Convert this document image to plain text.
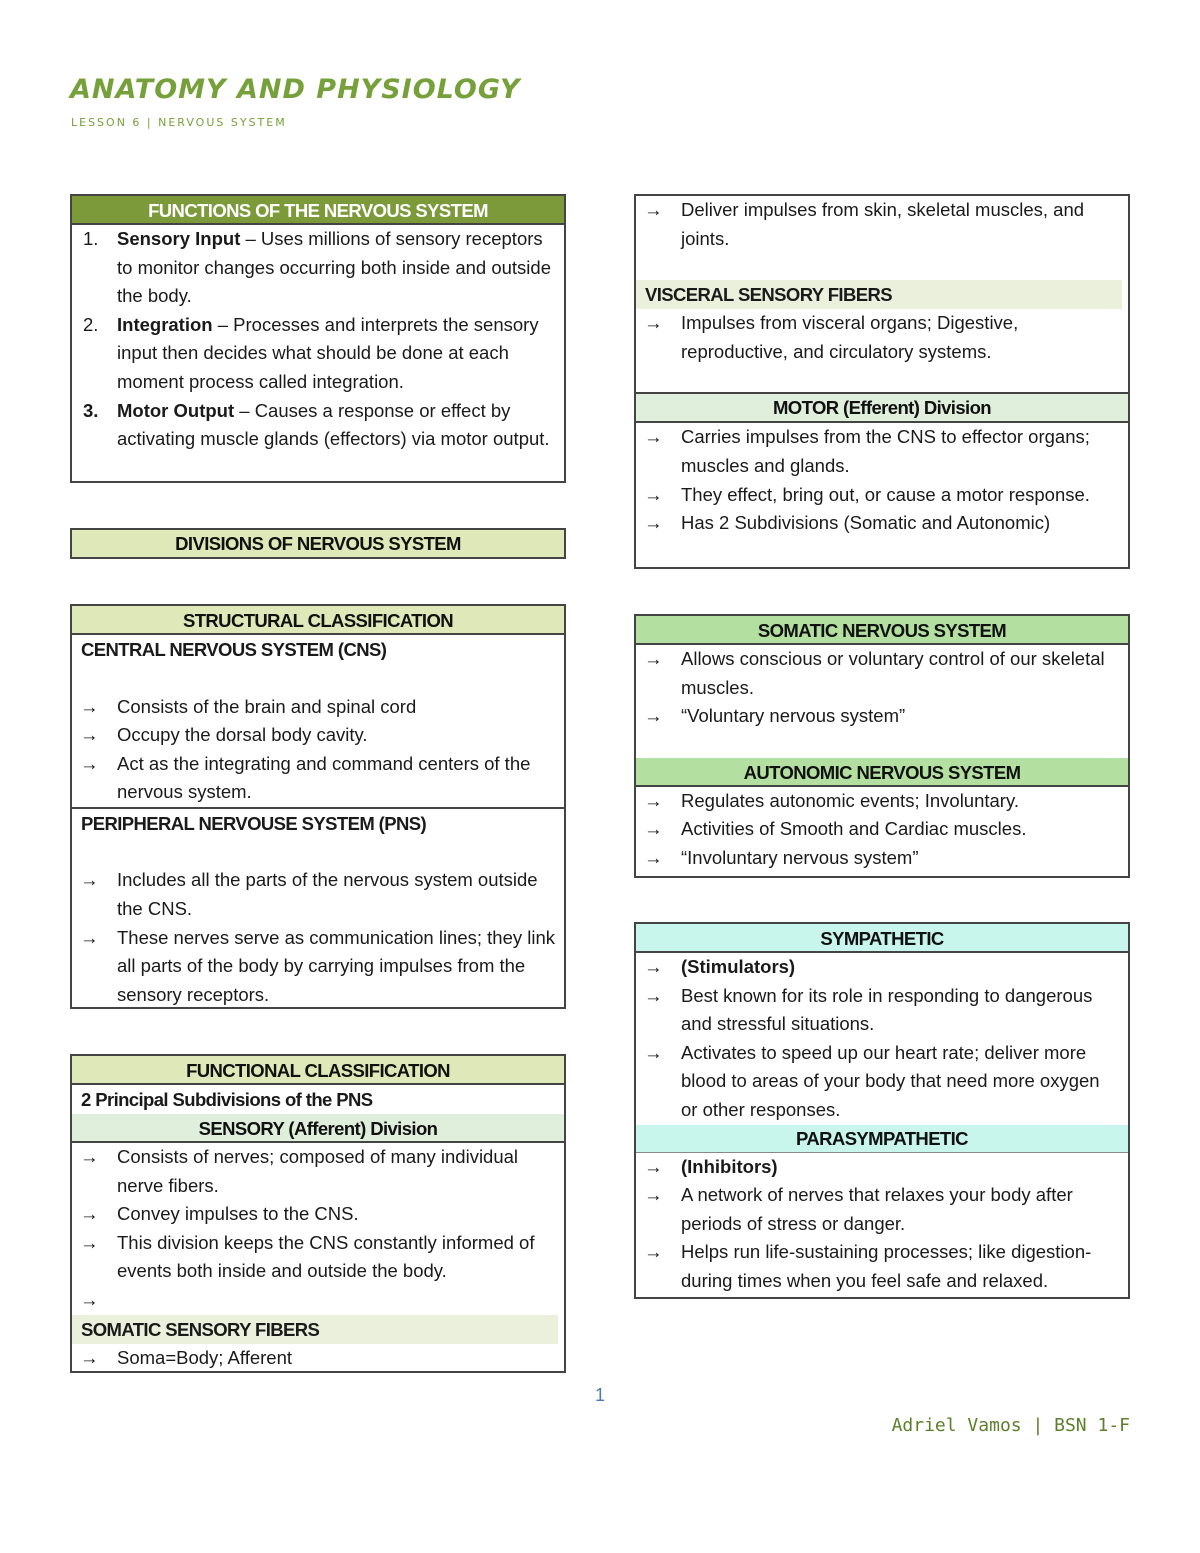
ANATOMY AND PHYSIOLOGY
LESSON 6 | NERVOUS SYSTEM
FUNCTIONS OF THE NERVOUS SYSTEM
1. Sensory Input – Uses millions of sensory receptors to monitor changes occurring both inside and outside the body.
2. Integration – Processes and interprets the sensory input then decides what should be done at each moment process called integration.
3. Motor Output – Causes a response or effect by activating muscle glands (effectors) via motor output.
DIVISIONS OF NERVOUS SYSTEM
STRUCTURAL CLASSIFICATION
CENTRAL NERVOUS SYSTEM (CNS)
→	Consists of the brain and spinal cord
→	Occupy the dorsal body cavity.
→	Act as the integrating and command centers of the nervous system.
PERIPHERAL NERVOUSE SYSTEM (PNS)
→	Includes all the parts of the nervous system outside the CNS.
→	These nerves serve as communication lines; they link all parts of the body by carrying impulses from the sensory receptors.
FUNCTIONAL CLASSIFICATION
2 Principal Subdivisions of the PNS
SENSORY (Afferent) Division
→	Consists of nerves; composed of many individual nerve fibers.
→	Convey impulses to the CNS.
→	This division keeps the CNS constantly informed of events both inside and outside the body.
→
SOMATIC SENSORY FIBERS
→	Soma=Body; Afferent
→	Deliver impulses from skin, skeletal muscles, and joints.
VISCERAL SENSORY FIBERS
→	Impulses from visceral organs; Digestive, reproductive, and circulatory systems.
MOTOR (Efferent) Division
→	Carries impulses from the CNS to effector organs; muscles and glands.
→	They effect, bring out, or cause a motor response.
→	Has 2 Subdivisions (Somatic and Autonomic)
SOMATIC NERVOUS SYSTEM
→	Allows conscious or voluntary control of our skeletal muscles.
→	“Voluntary nervous system”
AUTONOMIC NERVOUS SYSTEM
→	Regulates autonomic events; Involuntary.
→	Activities of Smooth and Cardiac muscles.
→	“Involuntary nervous system”
SYMPATHETIC
→	(Stimulators)
→	Best known for its role in responding to dangerous and stressful situations.
→	Activates to speed up our heart rate; deliver more blood to areas of your body that need more oxygen or other responses.
PARASYMPATHETIC
→	(Inhibitors)
→	A network of nerves that relaxes your body after periods of stress or danger.
→	Helps run life-sustaining processes; like digestion-during times when you feel safe and relaxed.
1
Adriel Vamos | BSN 1-F
